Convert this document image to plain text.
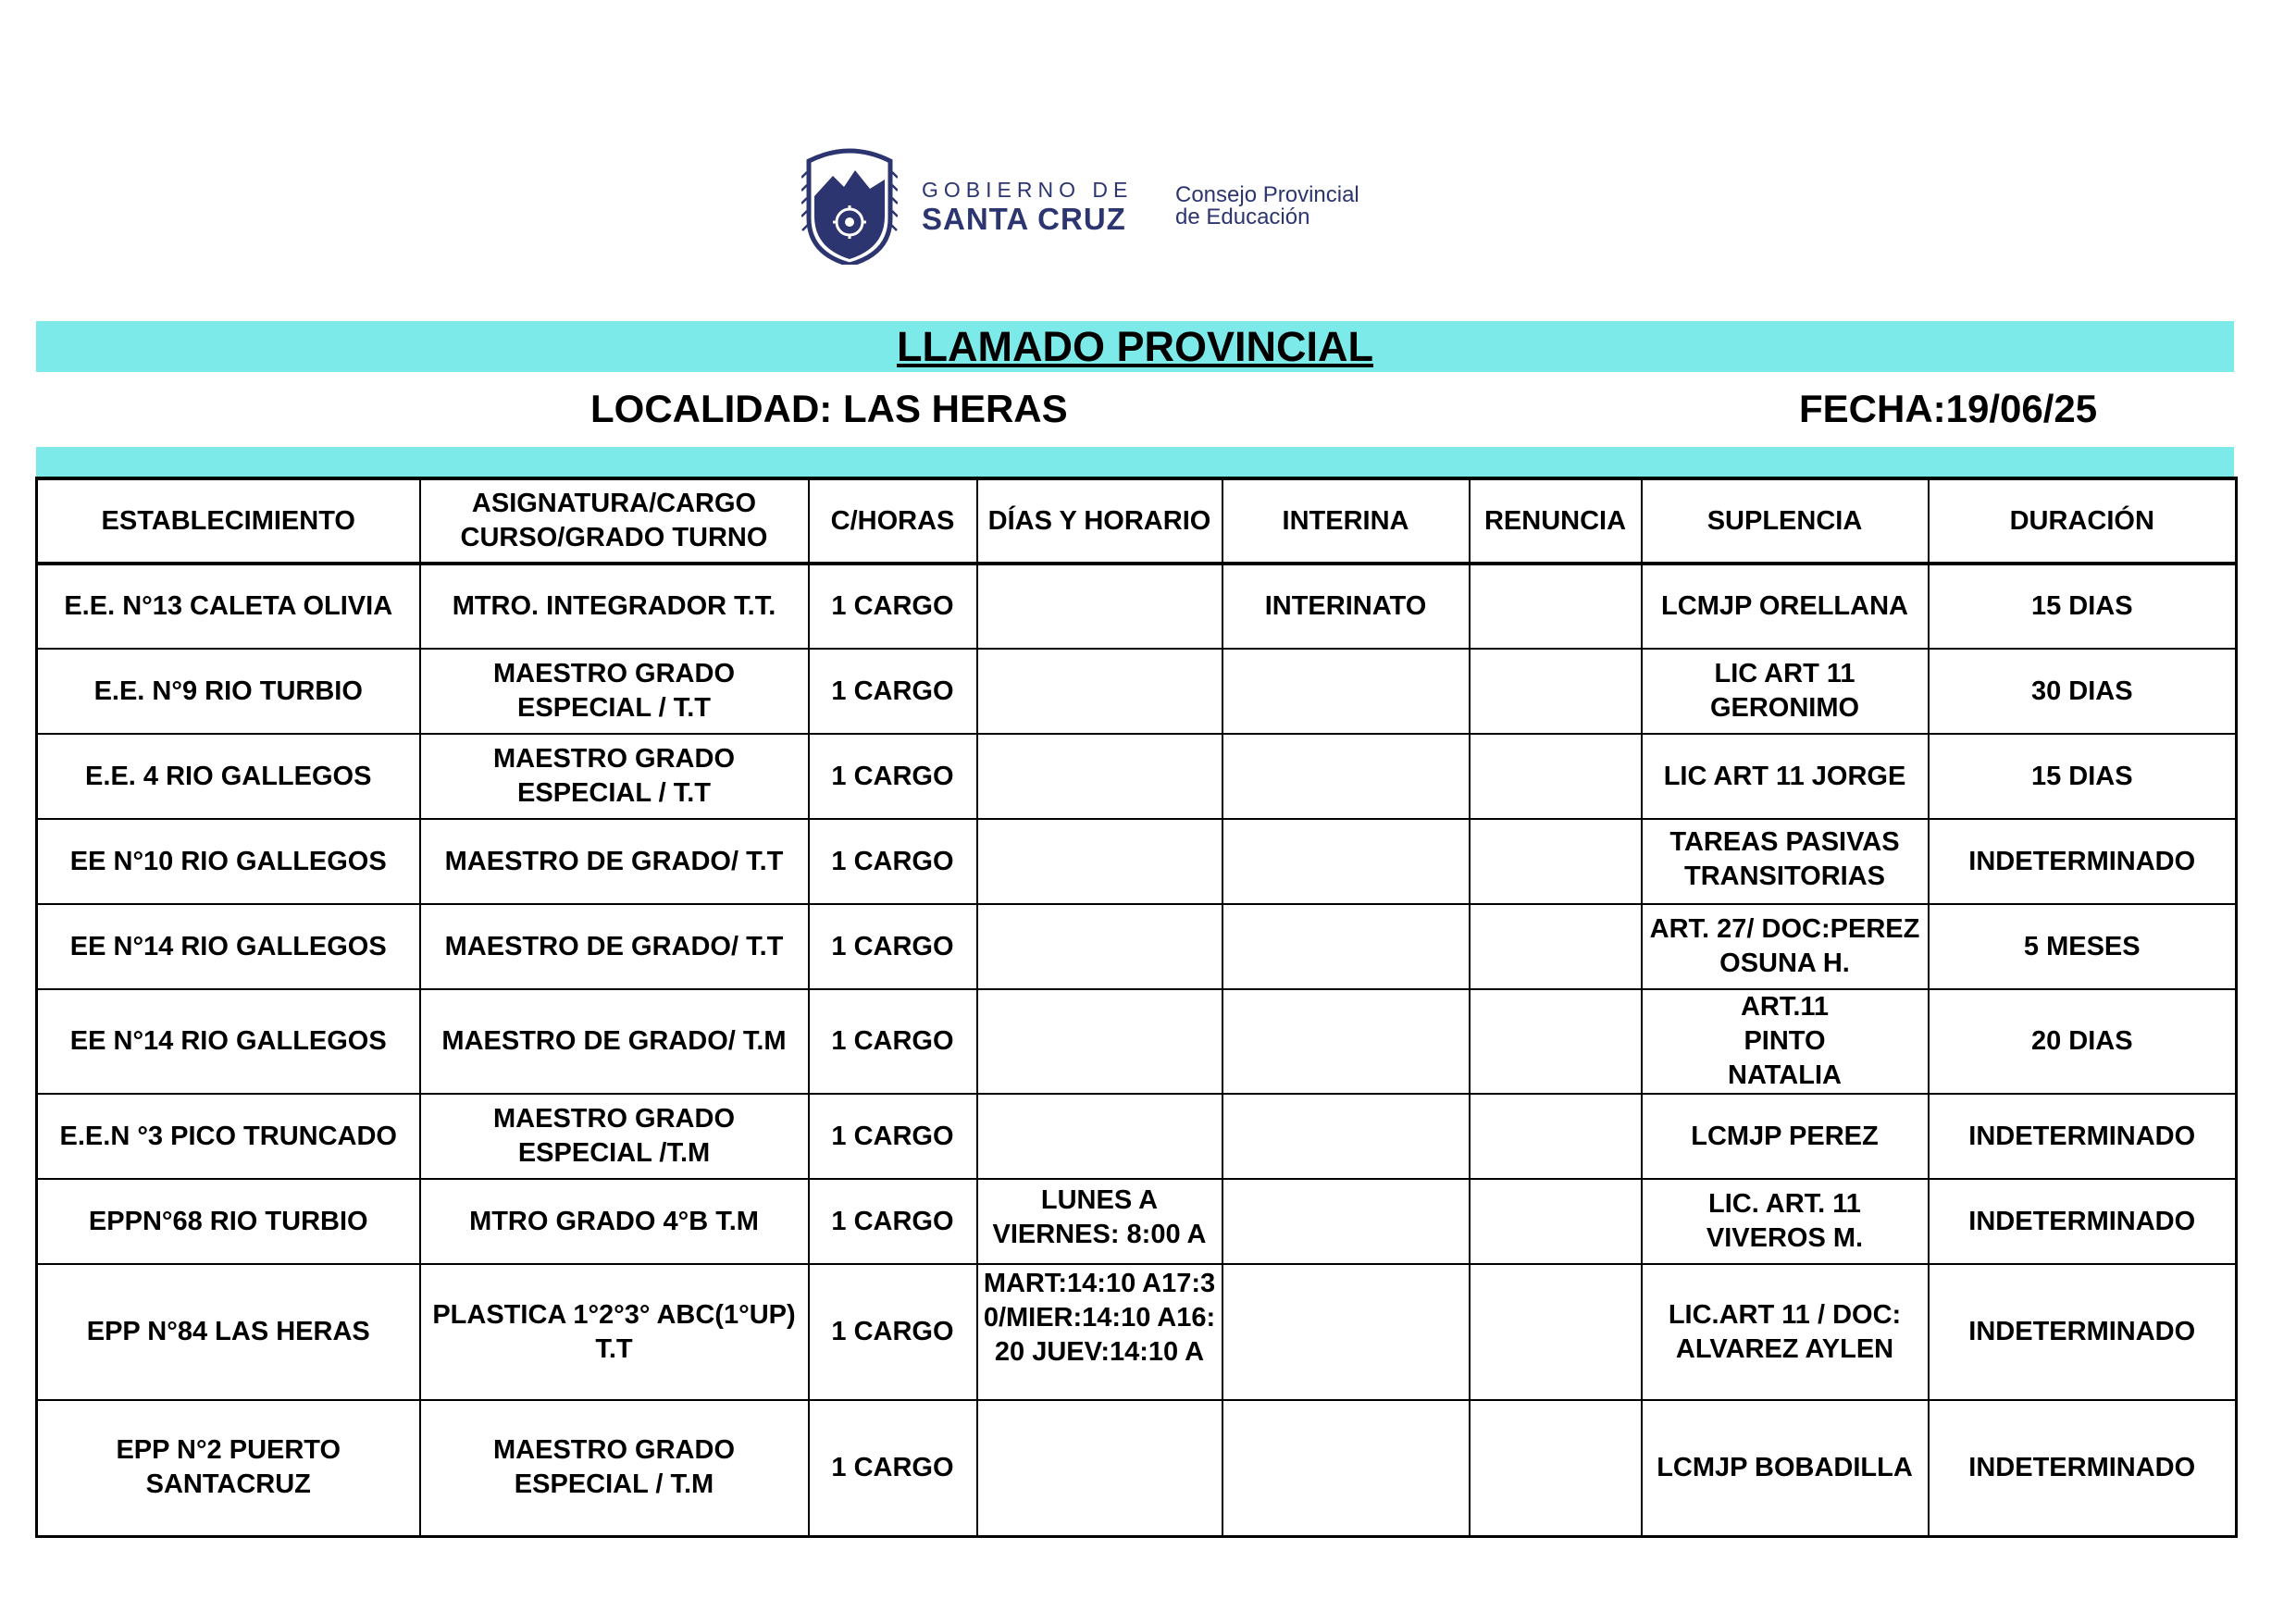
GOBIERNO DE
SANTA CRUZ
Consejo Provincial
de Educación
LLAMADO PROVINCIAL
LOCALIDAD: LAS HERAS	FECHA:19/06/25
ESTABLECIMIENTO	ASIGNATURA/CARGO CURSO/GRADO TURNO	C/HORAS	DÍAS Y HORARIO	INTERINA	RENUNCIA	SUPLENCIA	DURACIÓN
E.E. N°13 CALETA OLIVIA	MTRO. INTEGRADOR T.T.	1 CARGO		INTERINATO		LCMJP ORELLANA	15 DIAS
E.E. N°9 RIO TURBIO	MAESTRO GRADO ESPECIAL / T.T	1 CARGO				LIC ART 11 GERONIMO	30 DIAS
E.E. 4 RIO GALLEGOS	MAESTRO GRADO ESPECIAL / T.T	1 CARGO				LIC ART 11 JORGE	15 DIAS
EE N°10 RIO GALLEGOS	MAESTRO DE GRADO/ T.T	1 CARGO				TAREAS PASIVAS TRANSITORIAS	INDETERMINADO
EE N°14 RIO GALLEGOS	MAESTRO DE GRADO/ T.T	1 CARGO				ART. 27/ DOC:PEREZ OSUNA H.	5 MESES
EE N°14 RIO GALLEGOS	MAESTRO DE GRADO/ T.M	1 CARGO				ART.11 PINTO NATALIA	20 DIAS
E.E.N °3 PICO TRUNCADO	MAESTRO GRADO ESPECIAL /T.M	1 CARGO				LCMJP PEREZ	INDETERMINADO
EPPN°68 RIO TURBIO	MTRO GRADO 4°B T.M	1 CARGO	LUNES A VIERNES: 8:00 A			LIC. ART. 11 VIVEROS M.	INDETERMINADO
EPP N°84 LAS HERAS	PLASTICA 1°2°3° ABC(1°UP) T.T	1 CARGO	MART:14:10 A17:30/MIER:14:10 A16:20 JUEV:14:10 A			LIC.ART 11 / DOC: ALVAREZ AYLEN	INDETERMINADO
EPP N°2 PUERTO SANTACRUZ	MAESTRO GRADO ESPECIAL / T.M	1 CARGO				LCMJP BOBADILLA	INDETERMINADO
